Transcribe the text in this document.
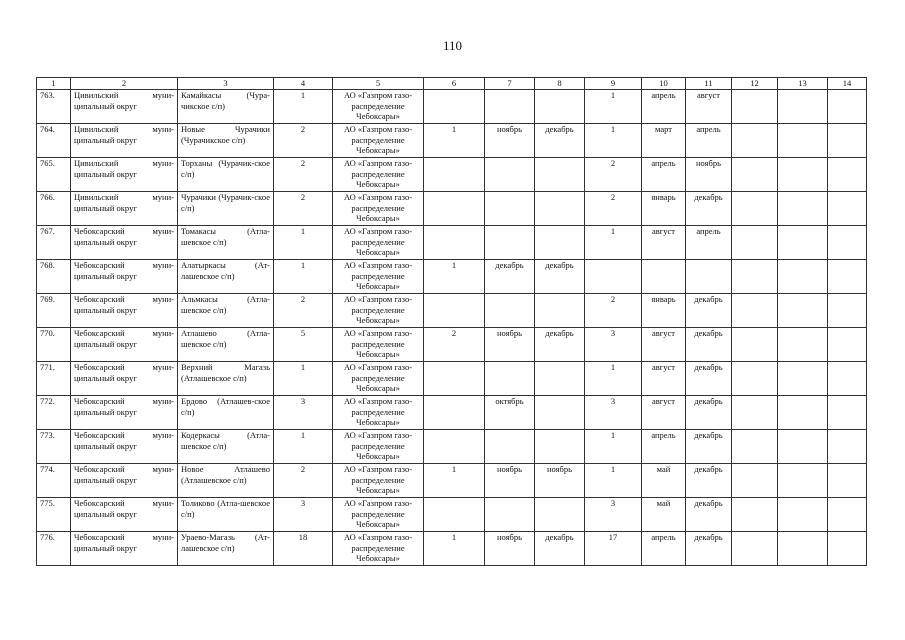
110
1	2	3	4	5	6	7	8	9	10	11	12	13	14
763.	Цивильский муни-ципальный округ	Камайкасы (Чура-чикское с/п)	1	АО «Газпром газо-распределение Чебоксары»				1	апрель	август			
764.	Цивильский муни-ципальный округ	Новые Чурачики (Чурачикское с/п)	2	АО «Газпром газо-распределение Чебоксары»	1	ноябрь	декабрь	1	март	апрель			
765.	Цивильский муни-ципальный округ	Торханы (Чурачик-ское с/п)	2	АО «Газпром газо-распределение Чебоксары»				2	апрель	ноябрь			
766.	Цивильский муни-ципальный округ	Чурачики (Чурачик-ское с/п)	2	АО «Газпром газо-распределение Чебоксары»				2	январь	декабрь			
767.	Чебоксарский муни-ципальный округ	Томакасы (Атла-шевское с/п)	1	АО «Газпром газо-распределение Чебоксары»				1	август	апрель			
768.	Чебоксарский муни-ципальный округ	Алатыркасы (Ат-лашевское с/п)	1	АО «Газпром газо-распределение Чебоксары»	1	декабрь	декабрь						
769.	Чебоксарский муни-ципальный округ	Альмкасы (Атла-шевское с/п)	2	АО «Газпром газо-распределение Чебоксары»				2	январь	декабрь			
770.	Чебоксарский муни-ципальный округ	Атлашево (Атла-шевское с/п)	5	АО «Газпром газо-распределение Чебоксары»	2	ноябрь	декабрь	3	август	декабрь			
771.	Чебоксарский муни-ципальный округ	Верхний Магазь (Атлашевское с/п)	1	АО «Газпром газо-распределение Чебоксары»				1	август	декабрь			
772.	Чебоксарский муни-ципальный округ	Ердово (Атлашев-ское с/п)	3	АО «Газпром газо-распределение Чебоксары»		октябрь		3	август	декабрь			
773.	Чебоксарский муни-ципальный округ	Кодеркасы (Атла-шевское с/п)	1	АО «Газпром газо-распределение Чебоксары»				1	апрель	декабрь			
774.	Чебоксарский муни-ципальный округ	Новое Атлашево (Атлашевское с/п)	2	АО «Газпром газо-распределение Чебоксары»	1	ноябрь	ноябрь	1	май	декабрь			
775.	Чебоксарский муни-ципальный округ	Толиково (Атла-шевское с/п)	3	АО «Газпром газо-распределение Чебоксары»				3	май	декабрь			
776.	Чебоксарский муни-ципальный округ	Ураево-Магазь (Ат-лашевское с/п)	18	АО «Газпром газо-распределение Чебоксары»	1	ноябрь	декабрь	17	апрель	декабрь			
